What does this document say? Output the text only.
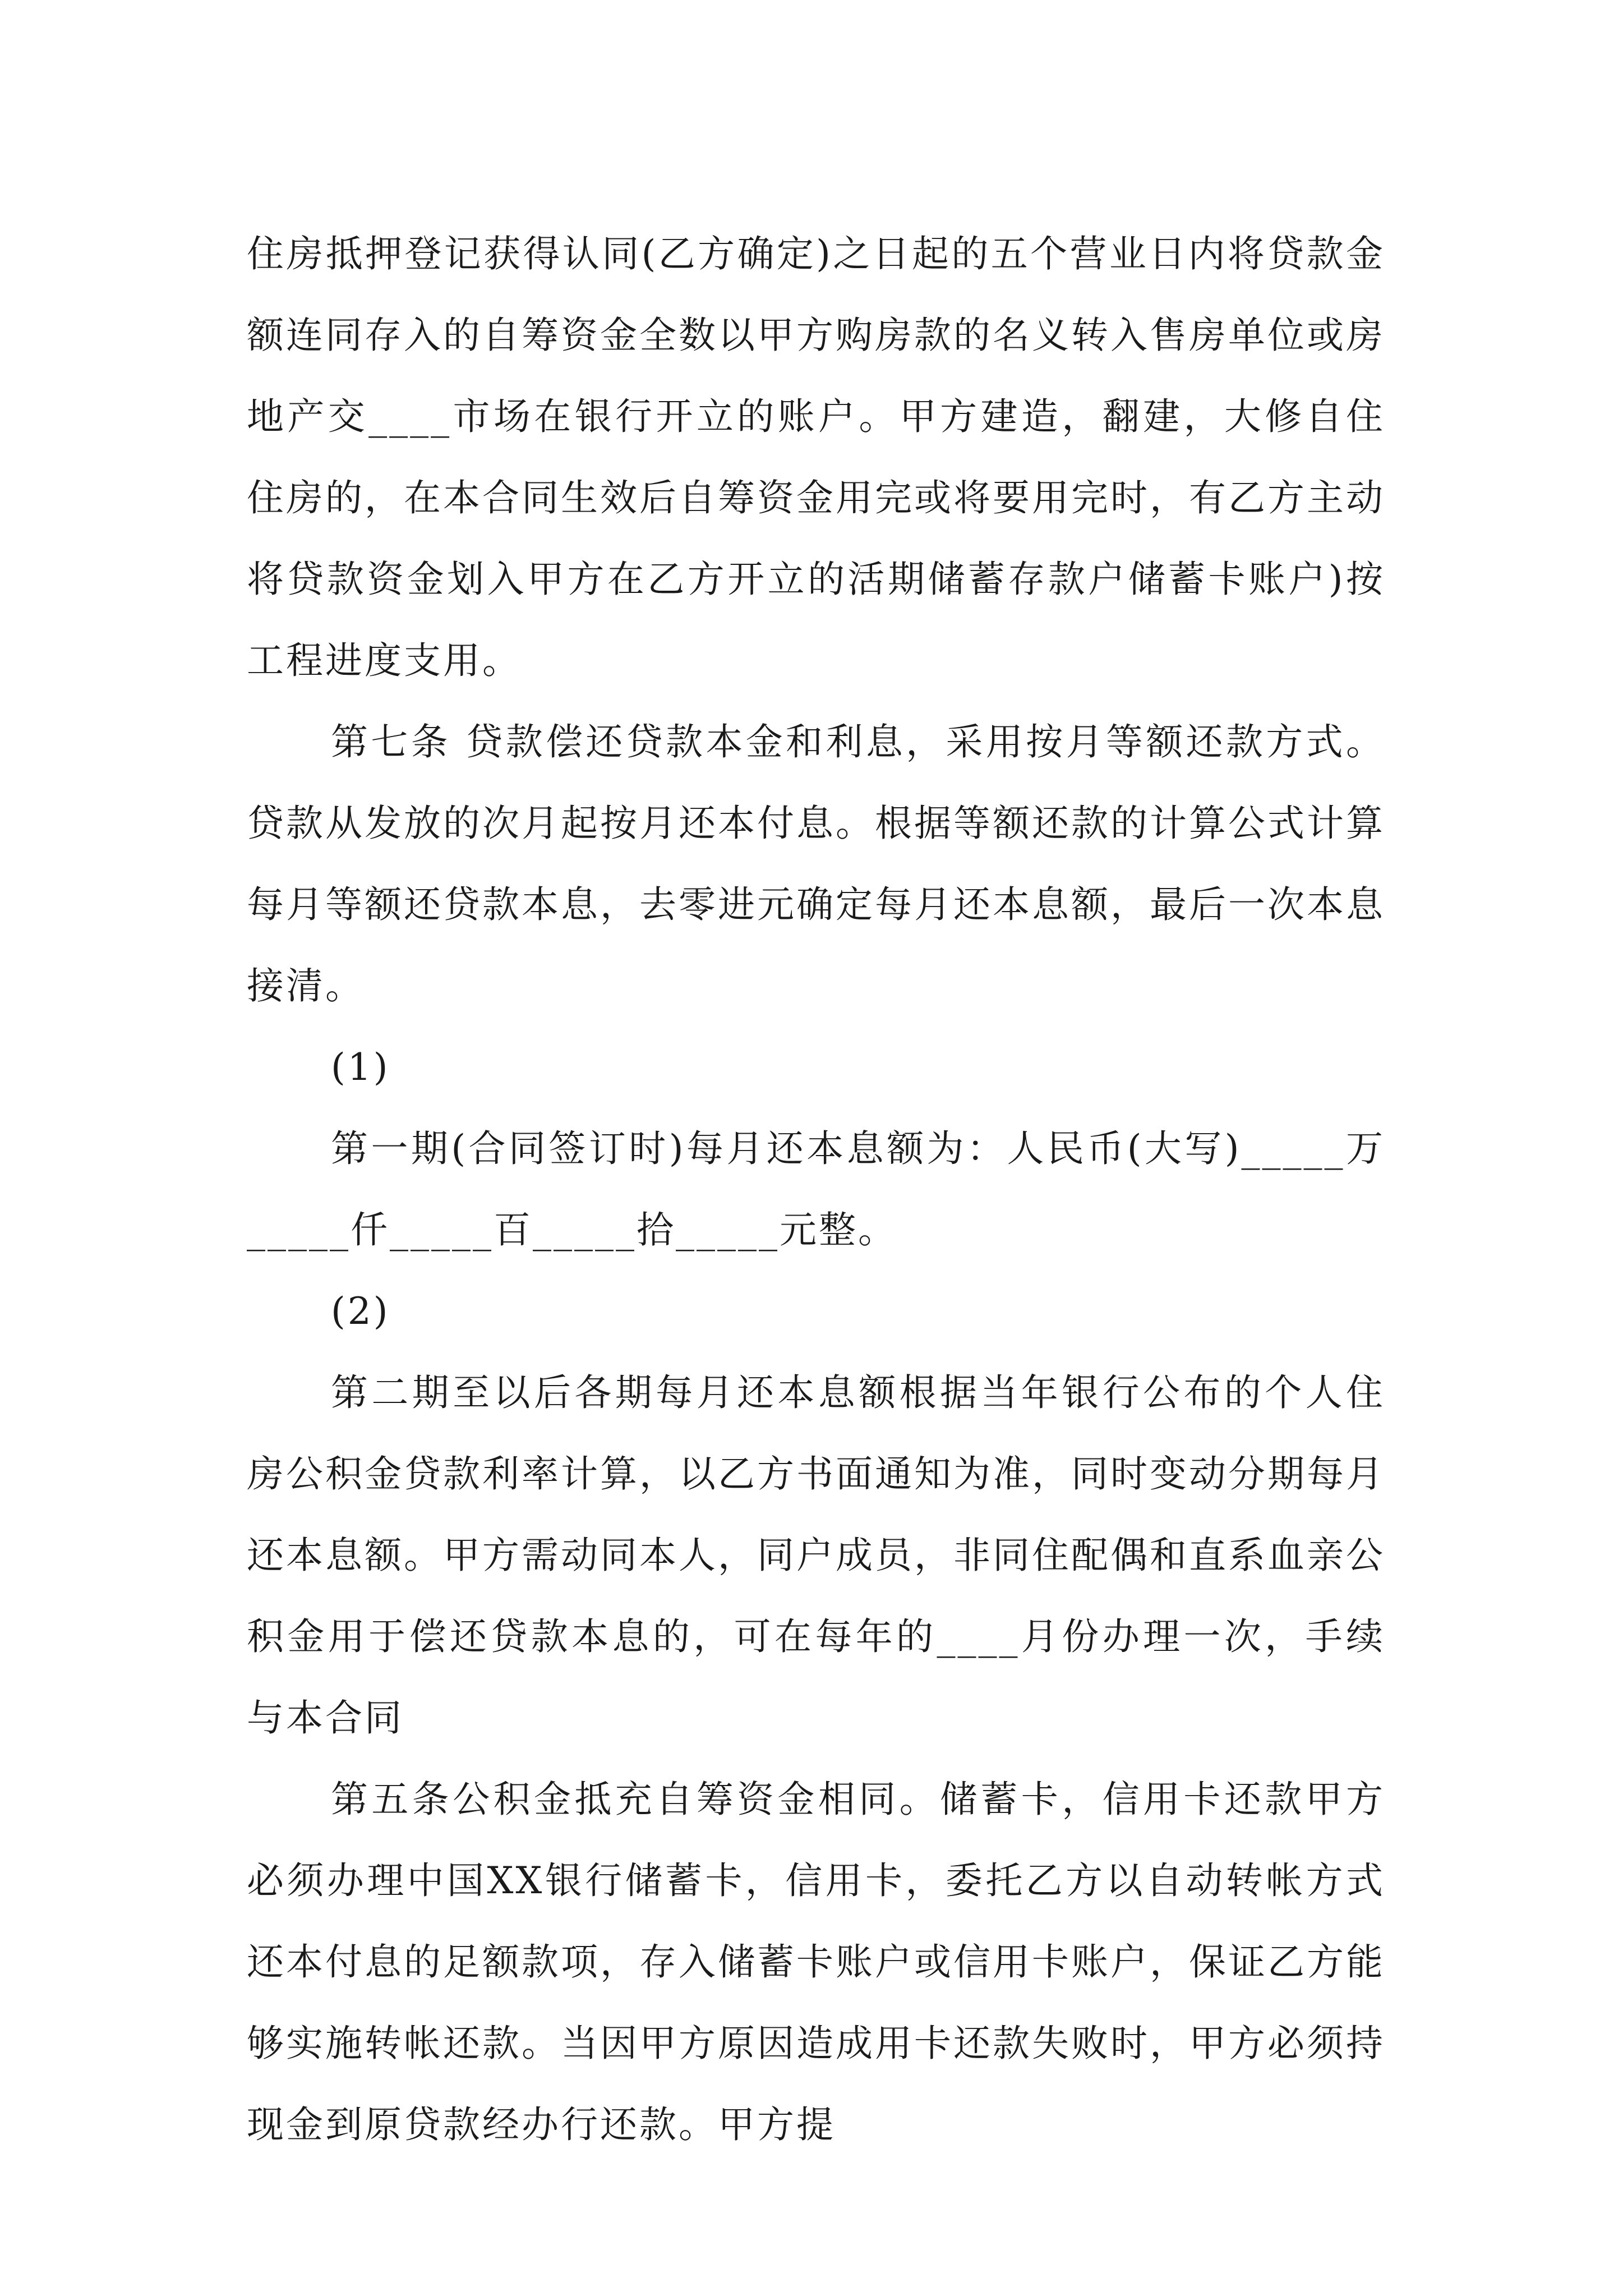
住房抵押登记获得认同(乙方确定)之日起的五个营业日内将贷款金额连同存入的自筹资金全数以甲方购房款的名义转入售房单位或房地产交____市场在银行开立的账户。甲方建造，翻建，大修自住住房的，在本合同生效后自筹资金用完或将要用完时，有乙方主动将贷款资金划入甲方在乙方开立的活期储蓄存款户储蓄卡账户)按工程进度支用。

第七条 贷款偿还贷款本金和利息，采用按月等额还款方式。贷款从发放的次月起按月还本付息。根据等额还款的计算公式计算每月等额还贷款本息，去零进元确定每月还本息额，最后一次本息接清。

(1)

第一期(合同签订时)每月还本息额为：人民币(大写)_____万_____仟_____百_____拾_____元整。

(2)

第二期至以后各期每月还本息额根据当年银行公布的个人住房公积金贷款利率计算，以乙方书面通知为准，同时变动分期每月还本息额。甲方需动同本人，同户成员，非同住配偶和直系血亲公积金用于偿还贷款本息的，可在每年的____月份办理一次，手续与本合同

第五条公积金抵充自筹资金相同。储蓄卡，信用卡还款甲方必须办理中国XX银行储蓄卡，信用卡，委托乙方以自动转帐方式还本付息的足额款项，存入储蓄卡账户或信用卡账户，保证乙方能够实施转帐还款。当因甲方原因造成用卡还款失败时，甲方必须持现金到原贷款经办行还款。甲方提
